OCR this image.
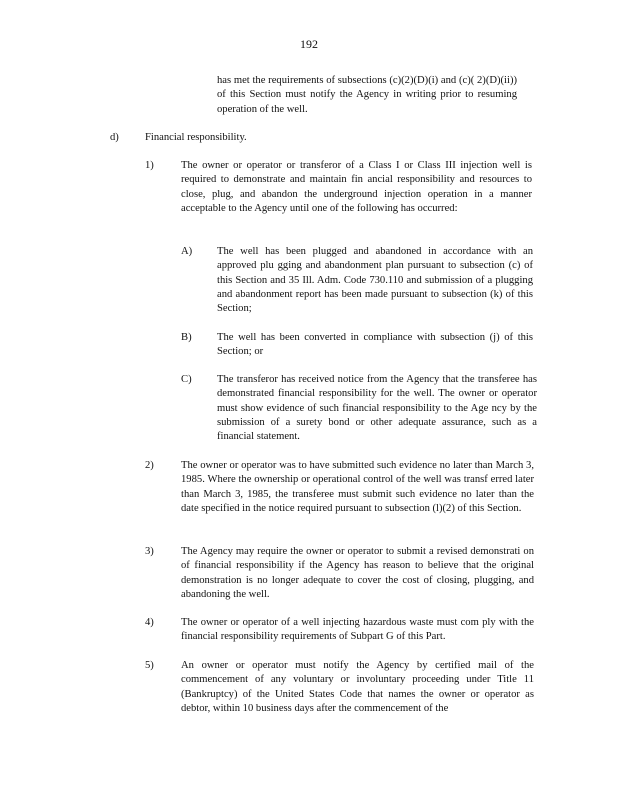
192
has met the requirements of subsections (c)(2)(D)(i) and (c)( 2)(D)(ii)) of this Section must notify the Agency in writing prior to resuming operation of the well.
d) Financial responsibility.
1)	The owner or operator or transferor of a Class I or Class III injection well is required to demonstrate and maintain fin ancial responsibility and resources to close, plug, and abandon the underground injection operation in a manner acceptable to the Agency until one of the following has occurred:
A) The well has been plugged and abandoned in accordance with an approved plu gging and abandonment plan pursuant to subsection (c) of this Section and 35 Ill. Adm. Code 730.110 and submission of a plugging and abandonment report has been made pursuant to subsection (k) of this Section;
B) The well has been converted in compliance with subsection (j) of this Section; or
C) The transferor has received notice from the Agency that the transferee has demonstrated financial responsibility for the well. The owner or operator must show evidence of such financial responsibility to the Age ncy by the submission of a surety bond or other adequate assurance, such as a financial statement.
2)	The owner or operator was to have submitted such evidence no later than March 3, 1985. Where the ownership or operational control of the well was transf erred later than March 3, 1985, the transferee must submit such evidence no later than the date specified in the notice required pursuant to subsection (l)(2) of this Section.
3)	The Agency may require the owner or operator to submit a revised demonstrati on of financial responsibility if the Agency has reason to believe that the original demonstration is no longer adequate to cover the cost of closing, plugging, and abandoning the well.
4)	The owner or operator of a well injecting hazardous waste must com ply with the financial responsibility requirements of Subpart G of this Part.
5)	An owner or operator must notify the Agency by certified mail of the commencement of any voluntary or involuntary proceeding under Title 11 (Bankruptcy) of the United States Code that names the owner or operator as debtor, within 10 business days after the commencement of the
